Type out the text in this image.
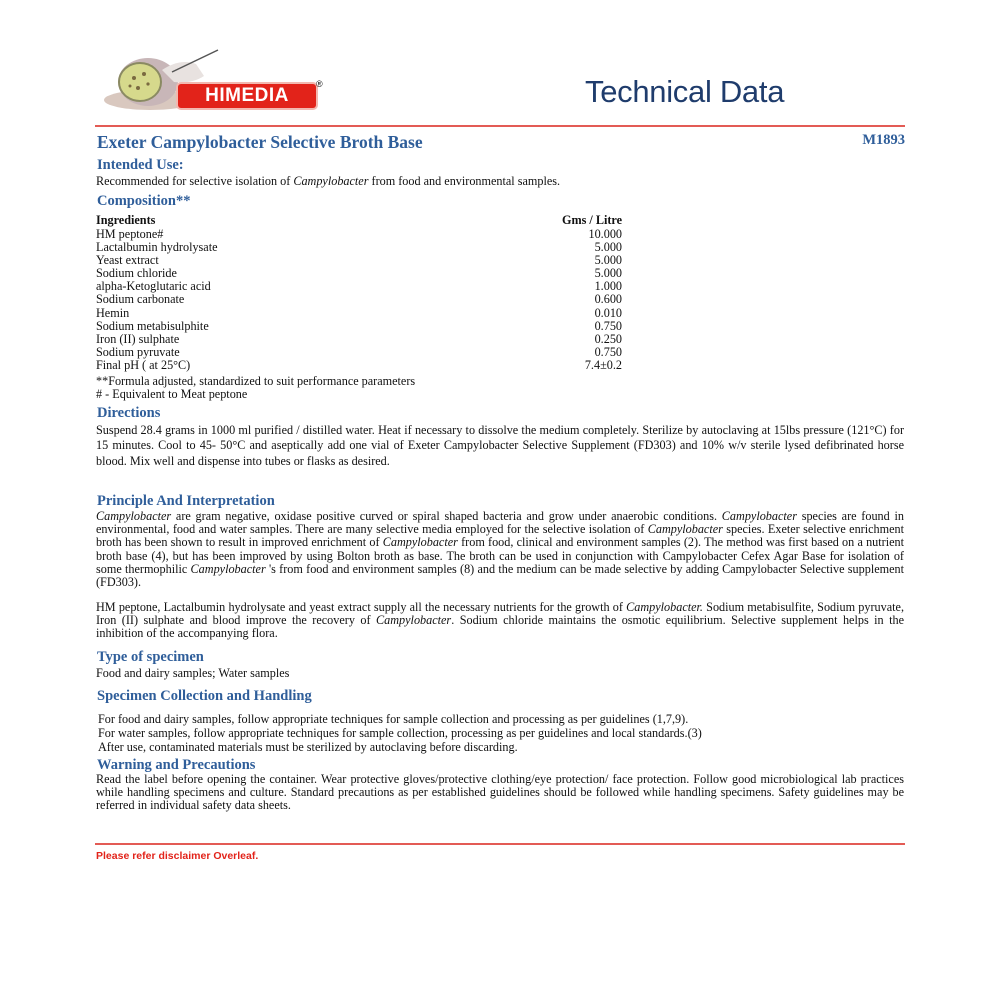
HIMEDIA
®	Technical Data
Exeter Campylobacter Selective Broth Base	M1893
Intended Use:
Recommended for selective isolation of Campylobacter from food and environmental samples.
Composition**
Ingredients	Gms / Litre
HM peptone#	10.000
Lactalbumin hydrolysate	5.000
Yeast extract	5.000
Sodium chloride	5.000
alpha-Ketoglutaric acid	1.000
Sodium carbonate	0.600
Hemin	0.010
Sodium metabisulphite	0.750
Iron (II) sulphate	0.250
Sodium pyruvate	0.750
Final pH ( at 25°C)	7.4±0.2
**Formula adjusted, standardized to suit performance parameters
# - Equivalent to Meat peptone
Directions
Suspend 28.4 grams in 1000 ml purified / distilled water. Heat if necessary to dissolve the medium completely. Sterilize by autoclaving at 15lbs pressure (121°C) for 15 minutes. Cool to 45- 50°C and aseptically add one vial of Exeter Campylobacter Selective Supplement (FD303) and 10% w/v sterile lysed defibrinated horse blood. Mix well and dispense into tubes or flasks as desired.
Principle And Interpretation
Campylobacter are gram negative, oxidase positive curved or spiral shaped bacteria and grow under anaerobic conditions. Campylobacter species are found in environmental, food and water samples. There are many selective media employed for the selective isolation of Campylobacter species. Exeter selective enrichment broth has been shown to result in improved enrichment of Campylobacter from food, clinical and environment samples (2). The method was first based on a nutrient broth base (4), but has been improved by using Bolton broth as base. The broth can be used in conjunction with Campylobacter Cefex Agar Base for isolation of some thermophilic Campylobacter 's from food and environment samples (8) and the medium can be made selective by adding Campylobacter Selective supplement (FD303).
HM peptone, Lactalbumin hydrolysate and yeast extract supply all the necessary nutrients for the growth of Campylobacter. Sodium metabisulfite, Sodium pyruvate, Iron (II) sulphate and blood improve the recovery of Campylobacter. Sodium chloride maintains the osmotic equilibrium. Selective supplement helps in the inhibition of the accompanying flora.
Type of specimen
Food and dairy samples; Water samples
Specimen Collection and Handling
For food and dairy samples, follow appropriate techniques for sample collection and processing as per guidelines (1,7,9).
For water samples, follow appropriate techniques for sample collection, processing as per guidelines and local standards.(3)
After use, contaminated materials must be sterilized by autoclaving before discarding.
Warning and Precautions
Read the label before opening the container. Wear protective gloves/protective clothing/eye protection/ face protection. Follow good microbiological lab practices while handling specimens and culture. Standard precautions as per established guidelines should be followed while handling specimens. Safety guidelines may be referred in individual safety data sheets.
Please refer disclaimer Overleaf.
